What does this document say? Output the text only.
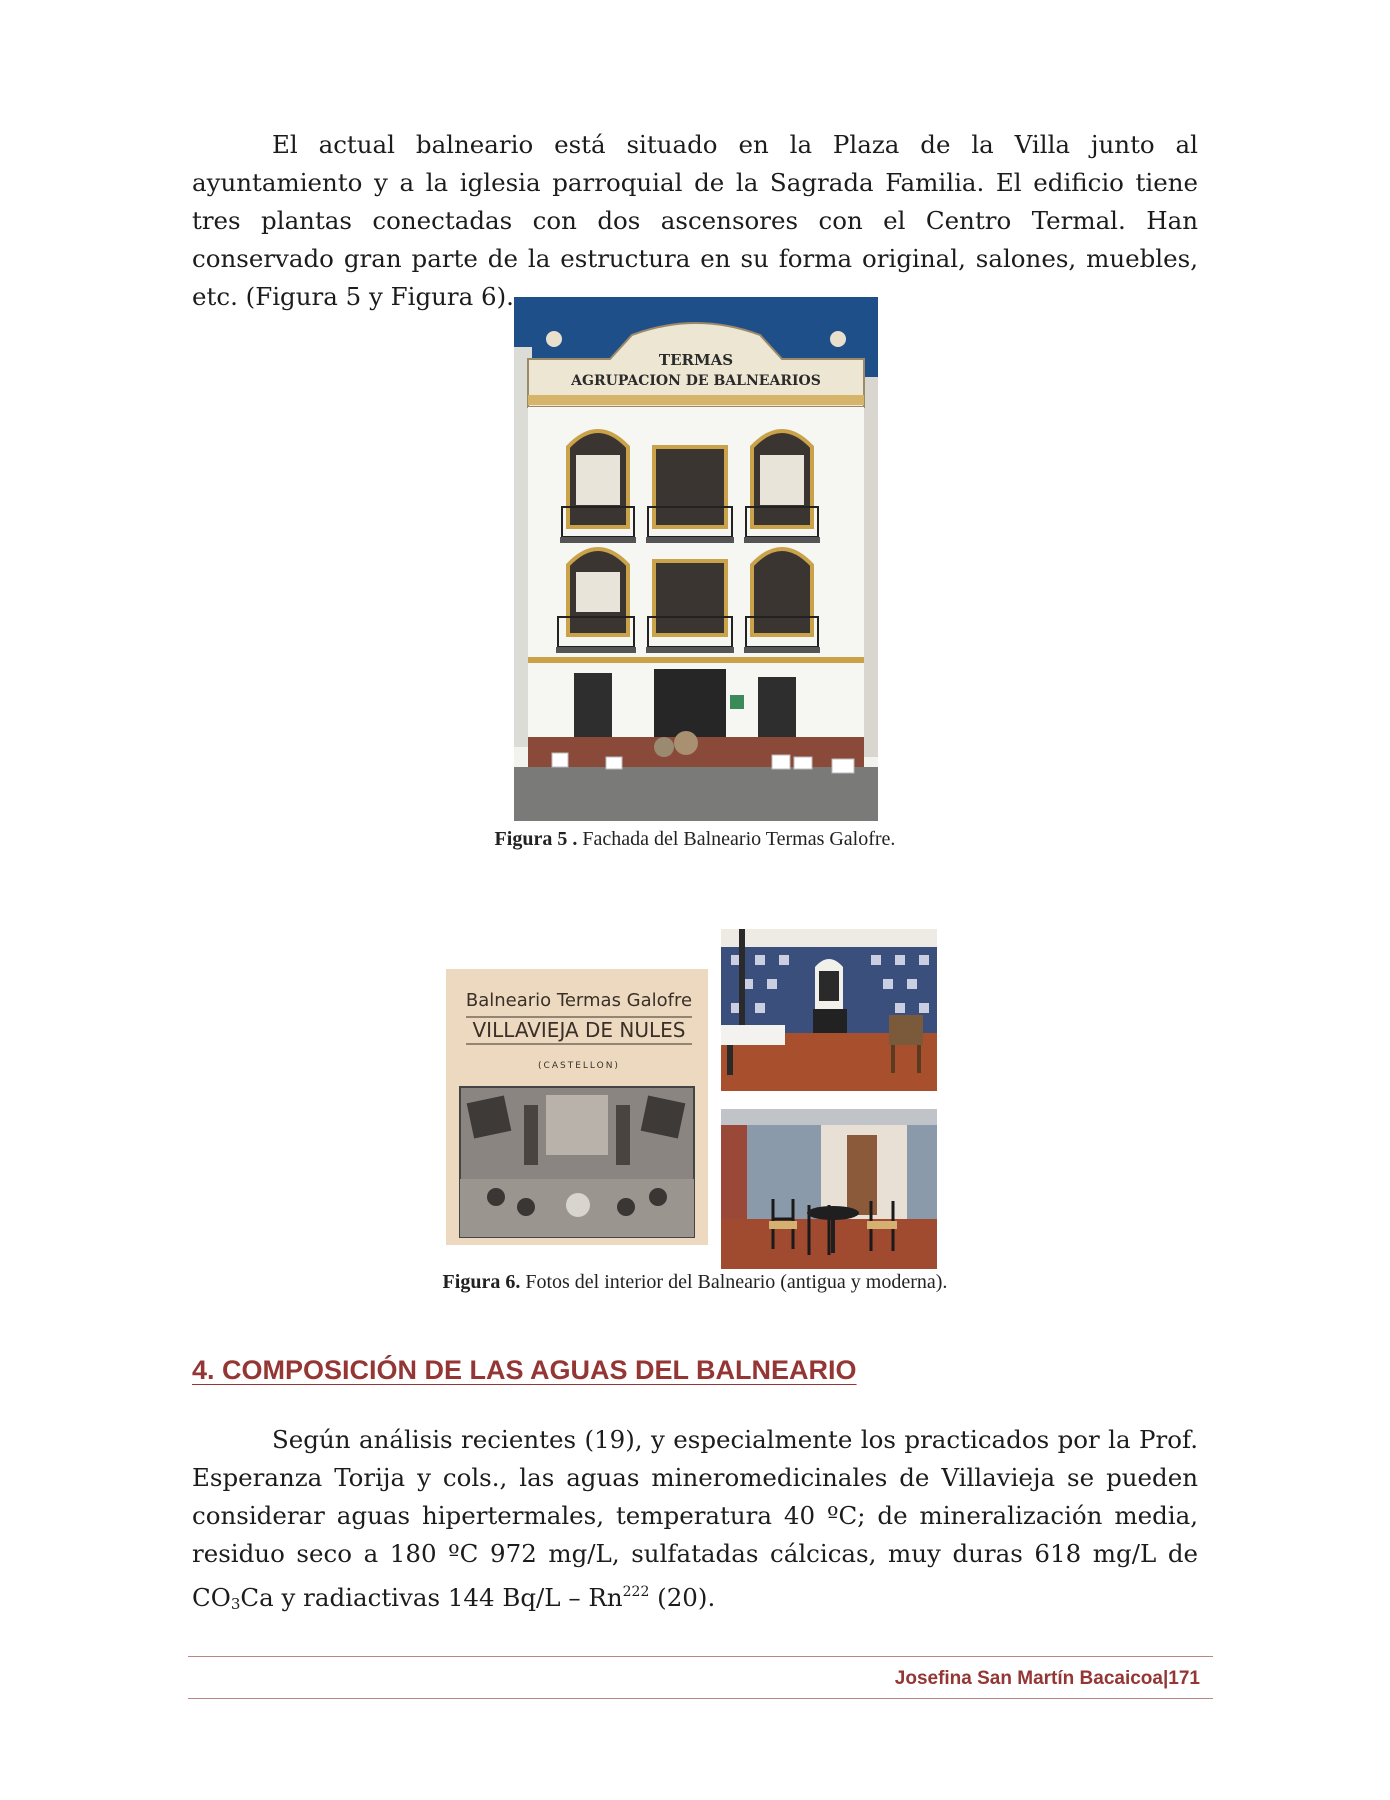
El actual balneario está situado en la Plaza de la Villa junto al ayuntamiento y a la iglesia parroquial de la Sagrada Familia. El edificio tiene tres plantas conectadas con dos ascensores con el Centro Termal. Han conservado gran parte de la estructura en su forma original, salones, muebles, etc. (Figura 5 y Figura 6).

TERMAS
AGRUPACION DE BALNEARIOS
Figura 5 . Fachada del Balneario Termas Galofre.
Balneario Termas Galofre
VILLAVIEJA DE NULES
(CASTELLON)
Figura 6. Fotos del interior del Balneario (antigua y moderna).
4. COMPOSICIÓN DE LAS AGUAS DEL BALNEARIO

Según análisis recientes (19), y especialmente los practicados por la Prof. Esperanza Torija y cols., las aguas mineromedicinales de Villavieja se pueden considerar aguas hipertermales, temperatura 40 ºC; de mineralización media, residuo seco a 180 ºC 972 mg/L, sulfatadas cálcicas, muy duras 618 mg/L de $CO_3Ca$ y radiactivas 144 Bq/L – Rn$^{222}$ (20).

Josefina San Martín Bacaicoa|171
